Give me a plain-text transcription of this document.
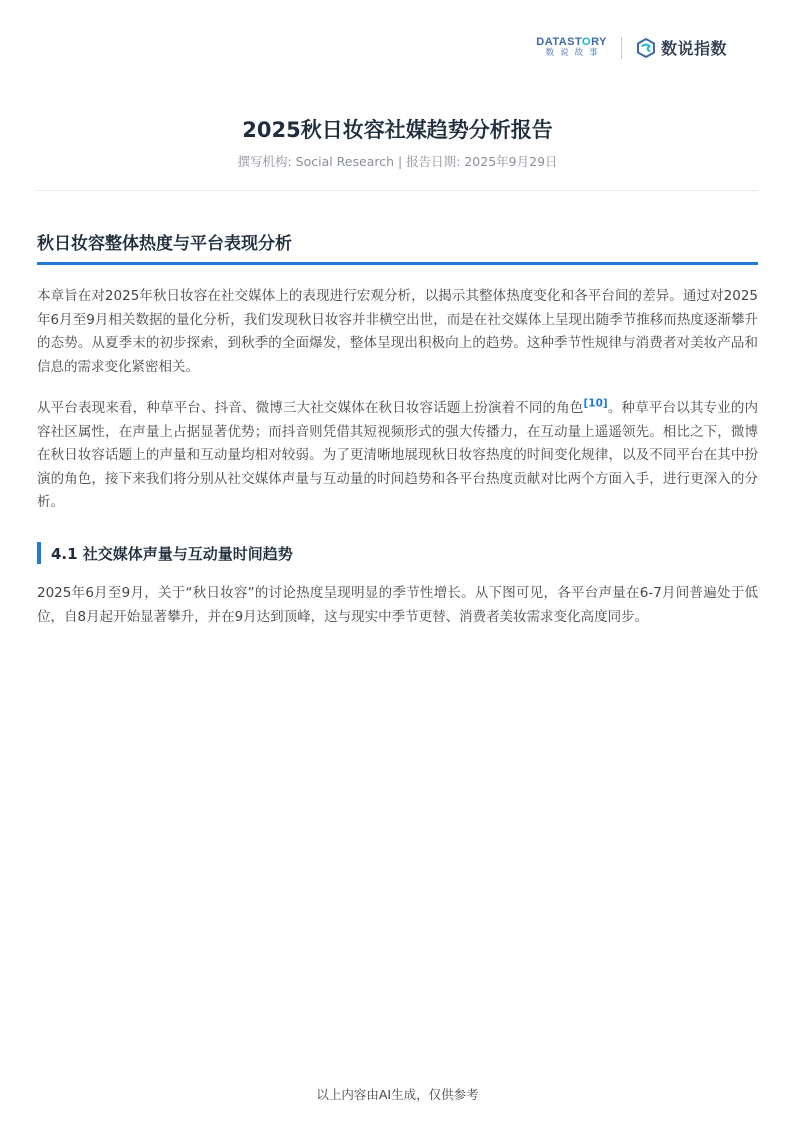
DATASTORY
数说故事	数说指数
2025秋日妆容社媒趋势分析报告
撰写机构: Social Research | 报告日期: 2025年9月29日
秋日妆容整体热度与平台表现分析
本章旨在对2025年秋日妆容在社交媒体上的表现进行宏观分析，以揭示其整体热度变化和各平台间的差异。通过对2025年6月至9月相关数据的量化分析，我们发现秋日妆容并非横空出世，而是在社交媒体上呈现出随季节推移而热度逐渐攀升的态势。从夏季末的初步探索，到秋季的全面爆发，整体呈现出积极向上的趋势。这种季节性规律与消费者对美妆产品和信息的需求变化紧密相关。
从平台表现来看，种草平台、抖音、微博三大社交媒体在秋日妆容话题上扮演着不同的角色[10]。种草平台以其专业的内容社区属性，在声量上占据显著优势；而抖音则凭借其短视频形式的强大传播力，在互动量上遥遥领先。相比之下，微博在秋日妆容话题上的声量和互动量均相对较弱。为了更清晰地展现秋日妆容热度的时间变化规律，以及不同平台在其中扮演的角色，接下来我们将分别从社交媒体声量与互动量的时间趋势和各平台热度贡献对比两个方面入手，进行更深入的分析。
4.1 社交媒体声量与互动量时间趋势
2025年6月至9月，关于“秋日妆容”的讨论热度呈现明显的季节性增长。从下图可见，各平台声量在6-7月间普遍处于低位，自8月起开始显著攀升，并在9月达到顶峰，这与现实中季节更替、消费者美妆需求变化高度同步。
以上内容由AI生成，仅供参考
